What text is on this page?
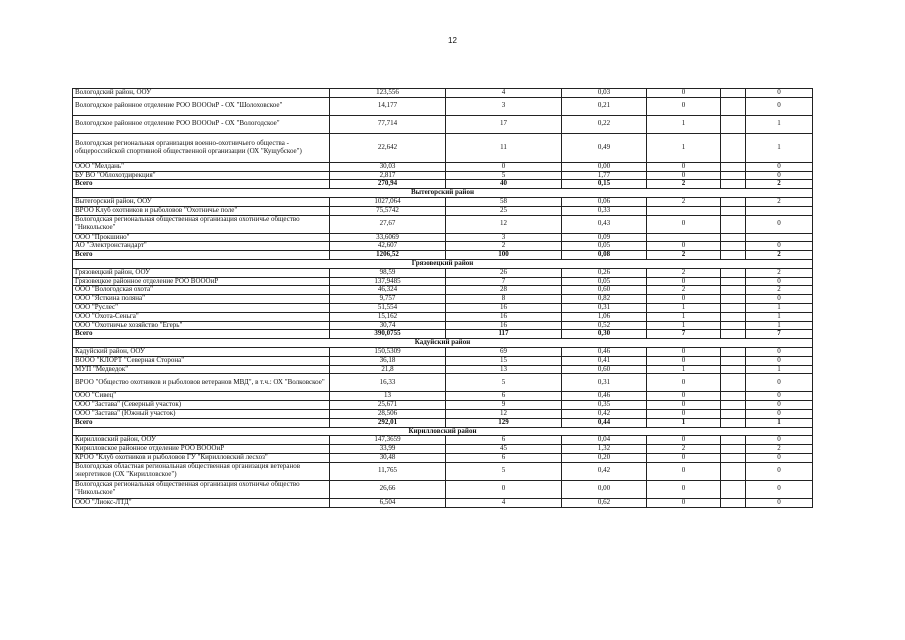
12
Вологодский район, ООУ	123,556	4	0,03	0		0
Вологодское районное отделение РОО ВОООиР - ОХ "Шолоховское"	14,177	3	0,21	0		0
Вологодское районное отделение РОО ВОООиР - ОХ "Вологодское"	77,714	17	0,22	1		1
Вологодская региональная организация военно-охотничьего общества - общероссийской спортивной общественной организации (ОХ "Кущубское")	22,642	11	0,49	1		1
ООО "Мелдань"	30,03	0	0,00	0		0
БУ ВО "Облохотдирекция"	2,817	5	1,77	0		0
Всего	270,94	40	0,15	2		2
Вытегорский район						
Вытегорский район, ООУ	1027,064	58	0,06	2		2
ВРОО Клуб охотников и рыболовов "Охотничье поле"	75,5742	25	0,33			
Вологодская региональная общественная организация охотничье общество "Никольское"	27,67	12	0,43	0		0
ООО "Прокшино"	33,6069	3	0,09			
АО "Электронстандарт"	42,607	2	0,05	0		0
Всего	1206,52	100	0,08	2		2
Грязовецкий район						
Грязовецкий район, ООУ	98,59	26	0,26	2		2
Грязовецкое районное отделение РОО ВОООиР	137,9485	7	0,05	0		0
ООО "Вологодская охота"	46,324	28	0,60	2		2
ООО "Ясткина поляна"	9,757	8	0,82	0		0
ООО "Руслес"	51,554	16	0,31	1		1
ООО "Охота-Сеньга"	15,162	16	1,06	1		1
ООО "Охотничье хозяйство "Егерь"	30,74	16	0,52	1		1
Всего	390,0755	117	0,30	7		7
Кадуйский район						
Кадуйский район, ООУ	150,5309	69	0,46	0		0
ВООО "КЛОРТ "Северная Сторона"	36,18	15	0,41	0		0
МУП "Медведок"	21,8	13	0,60	1		1
ВРОО "Общество охотников и рыболовов ветеранов МВД", в т.ч.: ОХ "Волковское"	16,33	5	0,31	0		0
ООО "Сивец"	13	6	0,46	0		0
ООО "Застава" (Северный участок)	25,671	9	0,35	0		0
ООО "Застава" (Южный участок)	28,506	12	0,42	0		0
Всего	292,01	129	0,44	1		1
Кирилловский район						
Кирилловский район, ООУ	147,3659	6	0,04	0		0
Кирилловское районное отделение РОО ВОООиР	33,99	45	1,32	2		2
КРОО "Клуб охотников и рыболовов ГУ "Кирилловский лесхоз"	30,48	6	0,20	0		0
Вологодская областная региональная общественная организация ветеранов энергетиков (ОХ "Кирилловское")	11,765	5	0,42	0		0
Вологодская региональная общественная организация охотничье общество "Никольское"	26,66	0	0,00	0		0
ООО "Лиокс-ЛТД"	6,504	4	0,62	0		0
